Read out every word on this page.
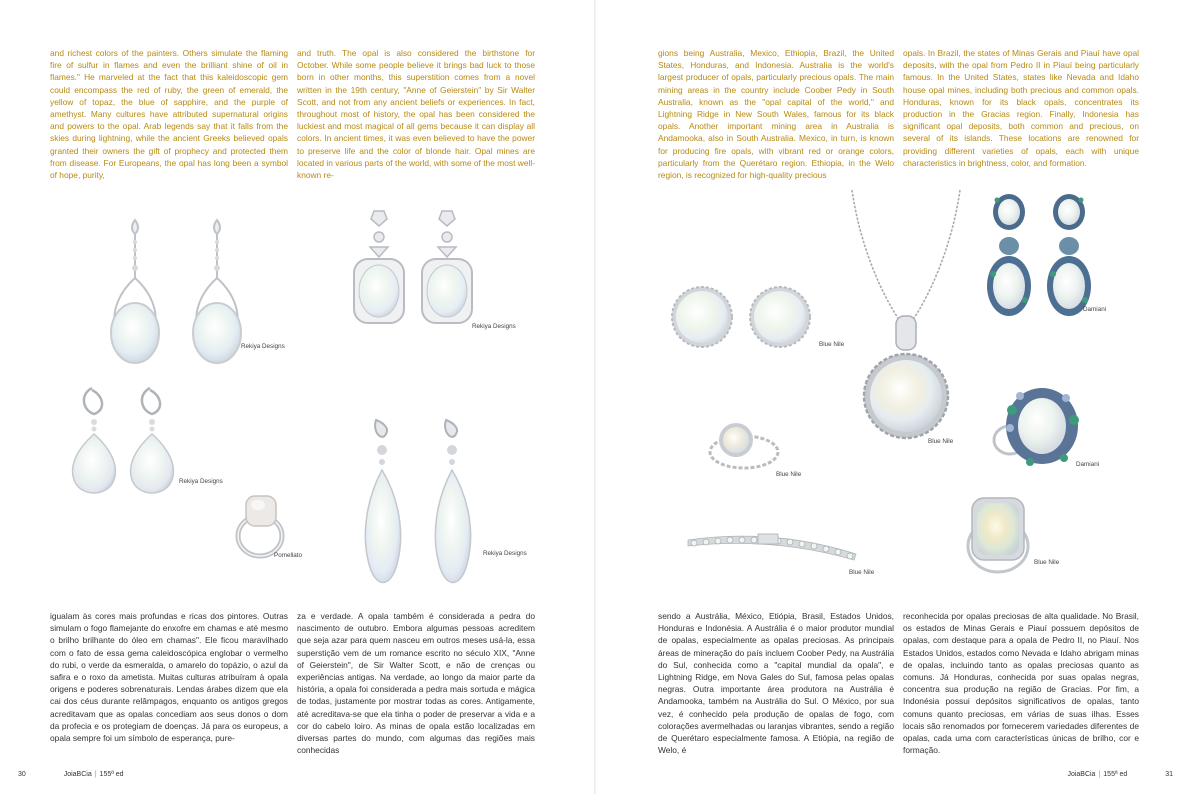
and richest colors of the painters. Others simulate the flaming fire of sulfur in flames and even the brilliant shine of oil in flames." He marveled at the fact that this kaleidoscopic gem could encompass the red of ruby, the green of emerald, the yellow of topaz, the blue of sapphire, and the purple of amethyst. Many cultures have attributed supernatural origins and powers to the opal. Arab legends say that it falls from the skies during lightning, while the ancient Greeks believed opals granted their owners the gift of prophecy and protected them from disease. For Europeans, the opal has long been a symbol of hope, purity,

and truth. The opal is also considered the birthstone for October. While some people believe it brings bad luck to those born in other months, this superstition comes from a novel written in the 19th century, "Anne of Geierstein" by Sir Walter Scott, and not from any ancient beliefs or experiences. In fact, throughout most of history, the opal has been considered the luckiest and most magical of all gems because it can display all colors. In ancient times, it was even believed to have the power to preserve life and the color of blonde hair. Opal mines are located in various parts of the world, with some of the most well-known re-

Rekiya Designs
Rekiya Designs
Rekiya Designs
Pomellato	Rekiya Designs

igualam às cores mais profundas e ricas dos pintores. Outras simulam o fogo flamejante do enxofre em chamas e até mesmo o brilho brilhante do óleo em chamas". Ele ficou maravilhado com o fato de essa gema caleidoscópica englobar o vermelho do rubi, o verde da esmeralda, o amarelo do topázio, o azul da safira e o roxo da ametista. Muitas culturas atribuíram à opala origens e poderes sobrenaturais. Lendas árabes dizem que ela cai dos céus durante relâmpagos, enquanto os antigos gregos acreditavam que as opalas concediam aos seus donos o dom da profecia e os protegiam de doenças. Já para os europeus, a opala sempre foi um símbolo de esperança, pure-

za e verdade. A opala também é considerada a pedra do nascimento de outubro. Embora algumas pessoas acreditem que seja azar para quem nasceu em outros meses usá-la, essa superstição vem de um romance escrito no século XIX, "Anne of Geierstein", de Sir Walter Scott, e não de crenças ou experiências antigas. Na verdade, ao longo da maior parte da história, a opala foi considerada a pedra mais sortuda e mágica de todas, justamente por mostrar todas as cores. Antigamente, até acreditava-se que ela tinha o poder de preservar a vida e a cor do cabelo loiro. As minas de opala estão localizadas em diversas partes do mundo, com algumas das regiões mais conhecidas

30	JoiaBCia | 155ª ed

gions being Australia, Mexico, Ethiopia, Brazil, the United States, Honduras, and Indonesia. Australia is the world's largest producer of opals, particularly precious opals. The main mining areas in the country include Coober Pedy in South Australia, known as the "opal capital of the world," and Lightning Ridge in New South Wales, famous for its black opals. Another important mining area in Australia is Andamooka, also in South Australia. Mexico, in turn, is known for producing fire opals, with vibrant red or orange colors, particularly from the Querétaro region. Ethiopia, in the Welo region, is recognized for high-quality precious

opals. In Brazil, the states of Minas Gerais and Piauí have opal deposits, with the opal from Pedro II in Piauí being particularly famous. In the United States, states like Nevada and Idaho house opal mines, including both precious and common opals. Honduras, known for its black opals, concentrates its production in the Gracias region. Finally, Indonesia has significant opal deposits, both common and precious, on several of its islands. These locations are renowned for providing different varieties of opals, each with unique characteristics in brightness, color, and formation.

Blue Nile
Blue Nile
Damiani
Blue Nile
Damiani
Blue Nile
Blue Nile

sendo a Austrália, México, Etiópia, Brasil, Estados Unidos, Honduras e Indonésia. A Austrália é o maior produtor mundial de opalas, especialmente as opalas preciosas. As principais áreas de mineração do país incluem Coober Pedy, na Austrália do Sul, conhecida como a "capital mundial da opala", e Lightning Ridge, em Nova Gales do Sul, famosa pelas opalas negras. Outra importante área produtora na Austrália é Andamooka, também na Austrália do Sul. O México, por sua vez, é conhecido pela produção de opalas de fogo, com colorações avermelhadas ou laranjas vibrantes, sendo a região de Querétaro especialmente famosa. A Etiópia, na região de Welo, é

reconhecida por opalas preciosas de alta qualidade. No Brasil, os estados de Minas Gerais e Piauí possuem depósitos de opalas, com destaque para a opala de Pedro II, no Piauí. Nos Estados Unidos, estados como Nevada e Idaho abrigam minas de opalas, incluindo tanto as opalas preciosas quanto as comuns. Já Honduras, conhecida por suas opalas negras, concentra sua produção na região de Gracias. Por fim, a Indonésia possui depósitos significativos de opalas, tanto comuns quanto preciosas, em várias de suas ilhas. Esses locais são renomados por fornecerem variedades diferentes de opalas, cada uma com características únicas de brilho, cor e formação.

JoiaBCia | 155ª ed	31
